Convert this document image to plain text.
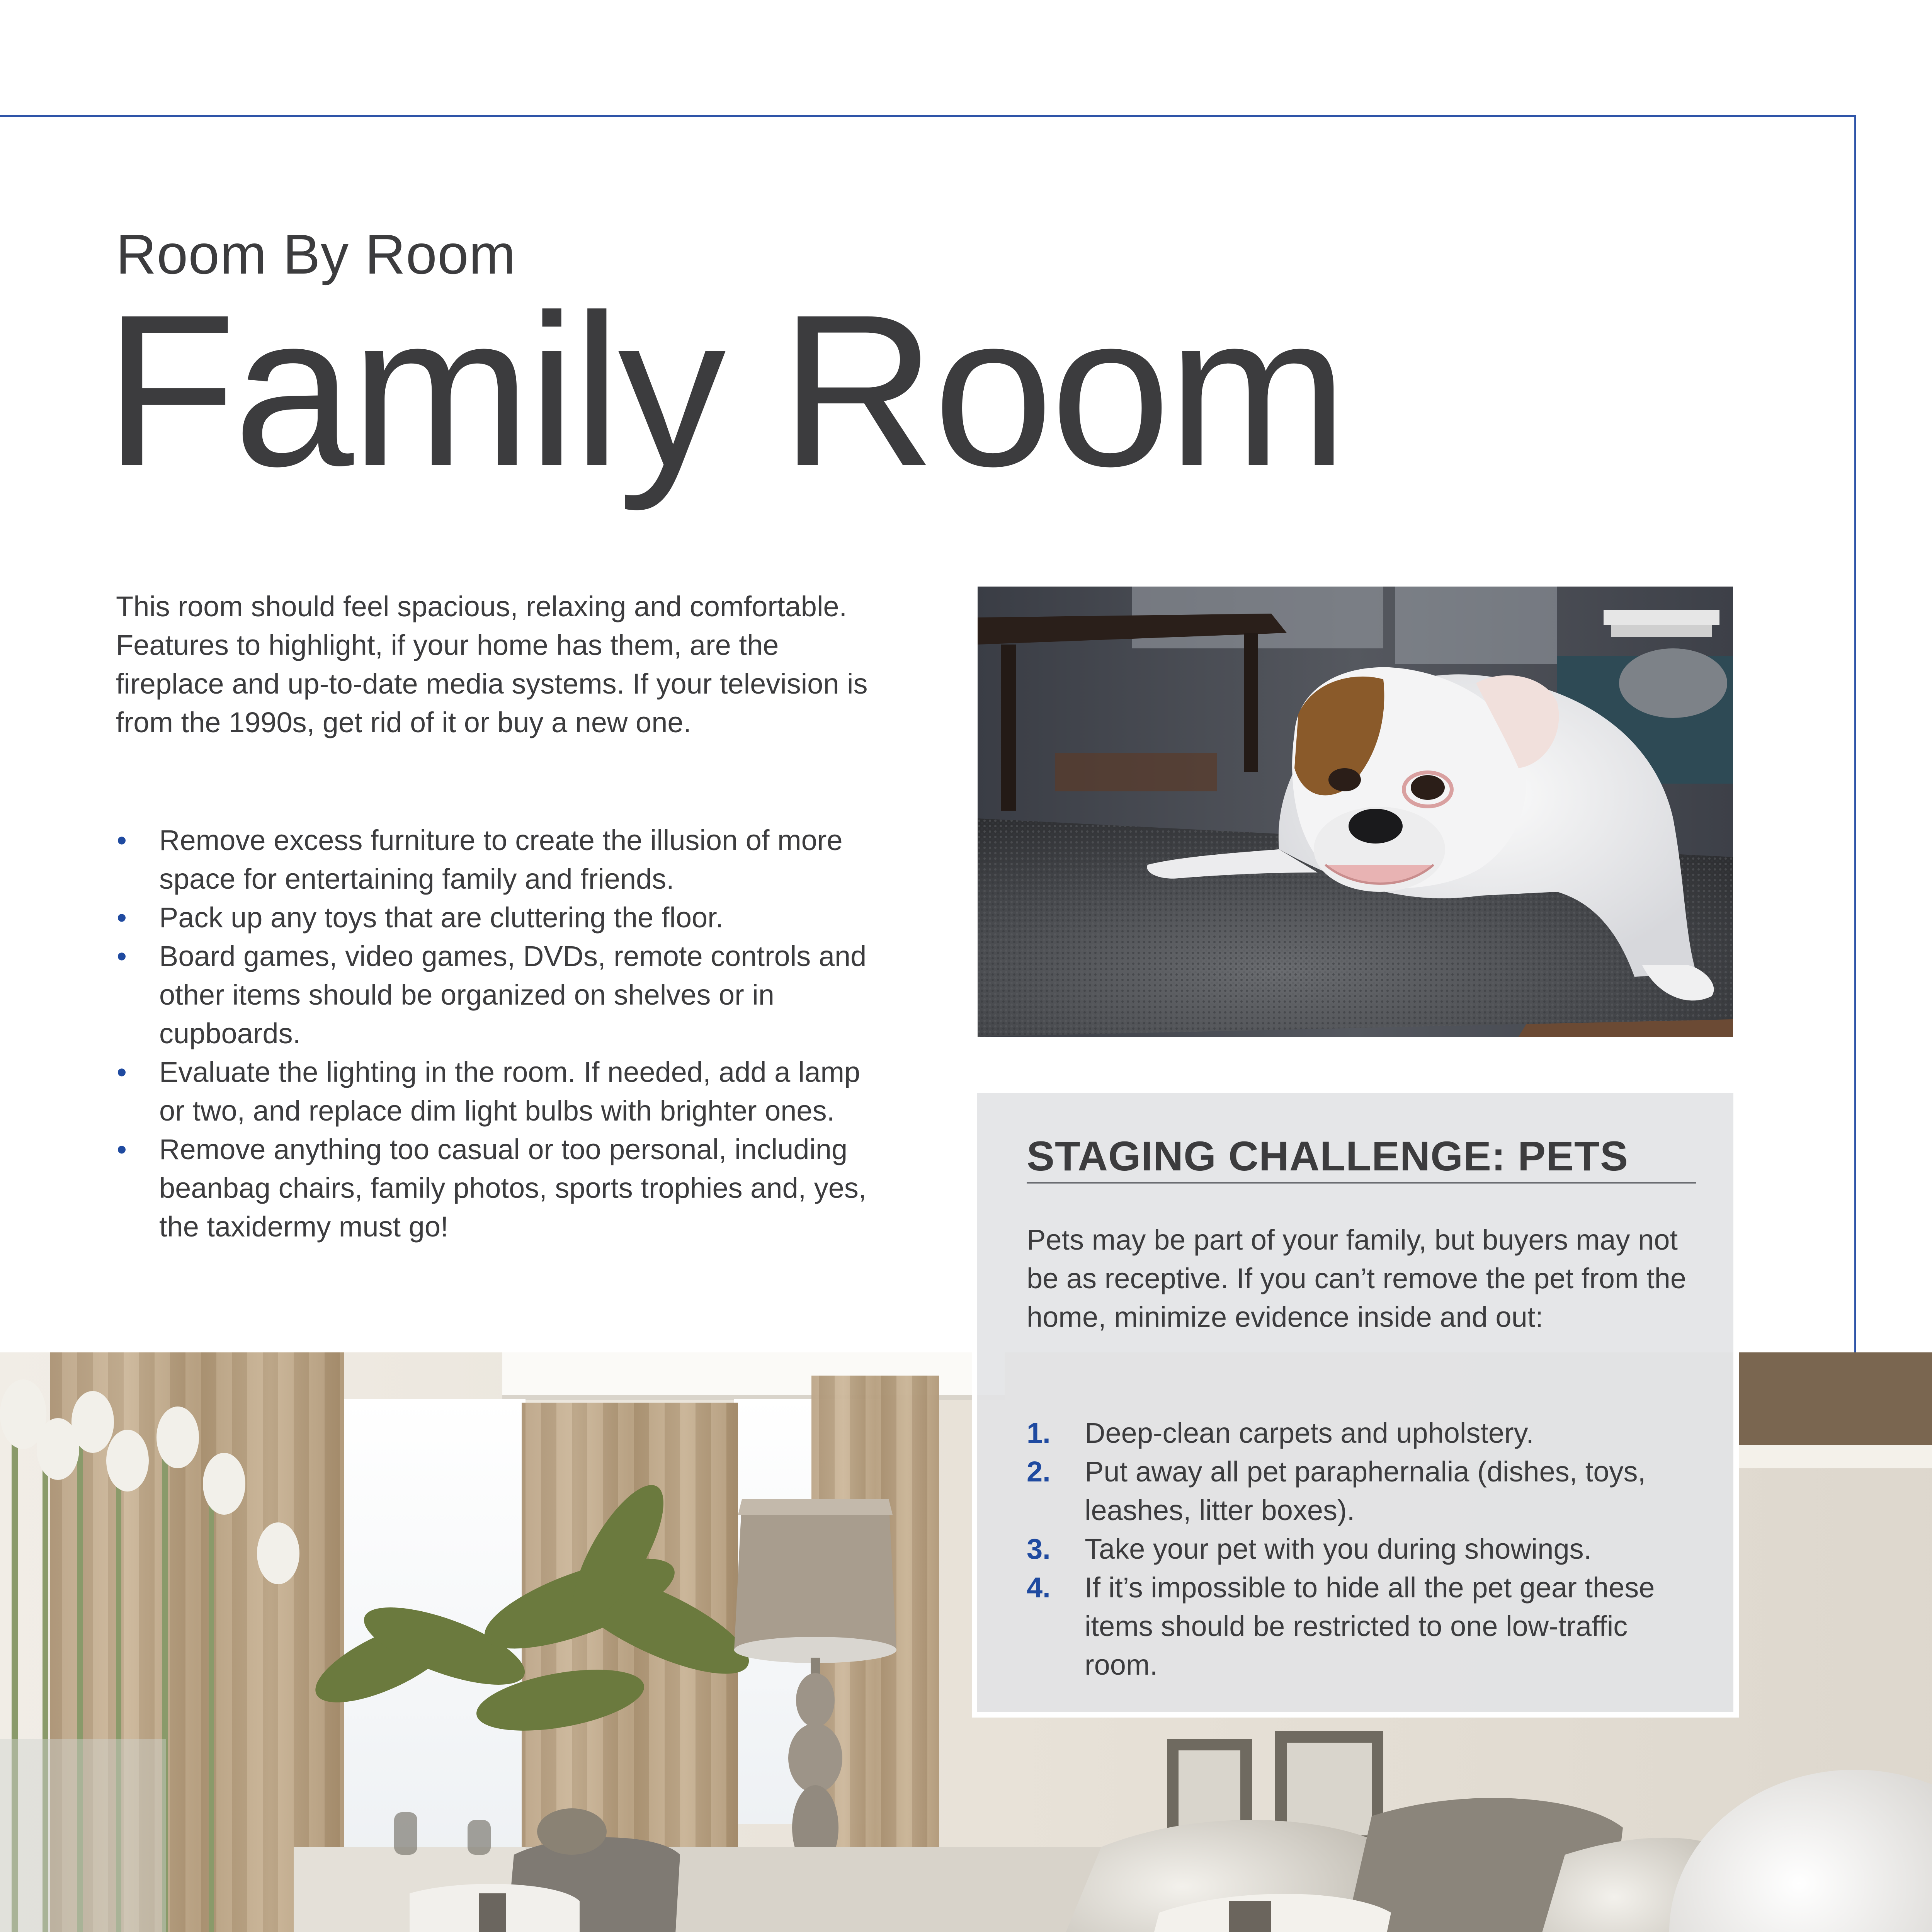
Room By Room
Family Room

This room should feel spacious, relaxing and comfortable. Features to highlight, if your home has them, are the fireplace and up-to-date media systems. If your television is from the 1990s, get rid of it or buy a new one.

• Remove excess furniture to create the illusion of more space for entertaining family and friends.
• Pack up any toys that are cluttering the floor.
• Board games, video games, DVDs, remote controls and other items should be organized on shelves or in cupboards.
• Evaluate the lighting in the room. If needed, add a lamp or two, and replace dim light bulbs with brighter ones.
• Remove anything too casual or too personal, including beanbag chairs, family photos, sports trophies and, yes, the taxidermy must go!
STAGING CHALLENGE: PETS

Pets may be part of your family, but buyers may not be as receptive. If you can’t remove the pet from the home, minimize evidence inside and out:

1. Deep-clean carpets and upholstery.
2. Put away all pet paraphernalia (dishes, toys, leashes, litter boxes).
3. Take your pet with you during showings.
4. If it’s impossible to hide all the pet gear these items should be restricted to one low-traffic room.
